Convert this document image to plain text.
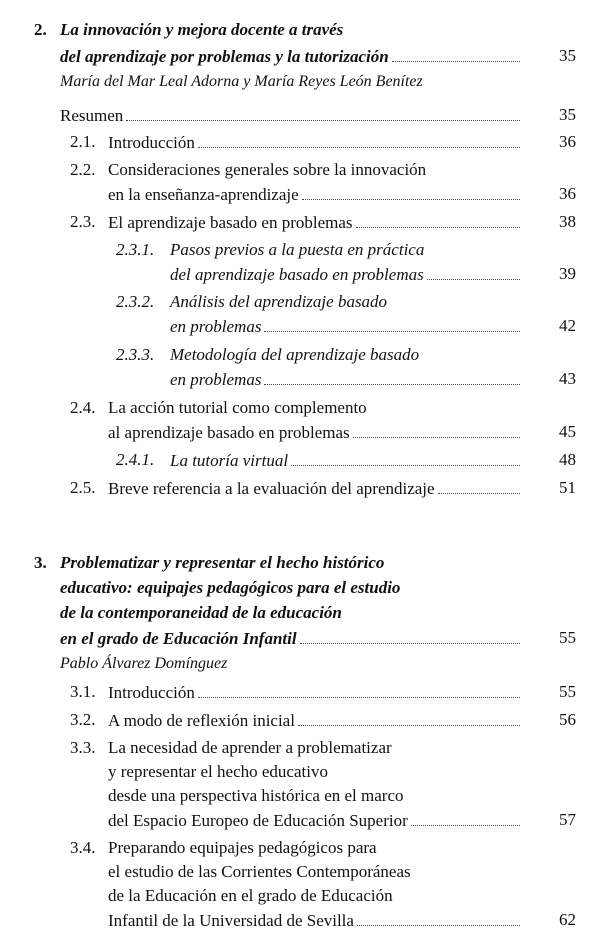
2. La innovación y mejora docente a través
del aprendizaje por problemas y la tutorización	35
María del Mar Leal Adorna y María Reyes León Benítez
Resumen	35
2.1. Introducción	36
2.2. Consideraciones generales sobre la innovación
en la enseñanza-aprendizaje	36
2.3. El aprendizaje basado en problemas	38
2.3.1. Pasos previos a la puesta en práctica
del aprendizaje basado en problemas	39
2.3.2. Análisis del aprendizaje basado
en problemas	42
2.3.3. Metodología del aprendizaje basado
en problemas	43
2.4. La acción tutorial como complemento
al aprendizaje basado en problemas	45
2.4.1. La tutoría virtual	48
2.5. Breve referencia a la evaluación del aprendizaje	51
3. Problematizar y representar el hecho histórico
educativo: equipajes pedagógicos para el estudio
de la contemporaneidad de la educación
en el grado de Educación Infantil	55
Pablo Álvarez Domínguez
3.1. Introducción	55
3.2. A modo de reflexión inicial	56
3.3. La necesidad de aprender a problematizar
y representar el hecho educativo
desde una perspectiva histórica en el marco
del Espacio Europeo de Educación Superior	57
3.4. Preparando equipajes pedagógicos para
el estudio de las Corrientes Contemporáneas
de la Educación en el grado de Educación
Infantil de la Universidad de Sevilla	62
